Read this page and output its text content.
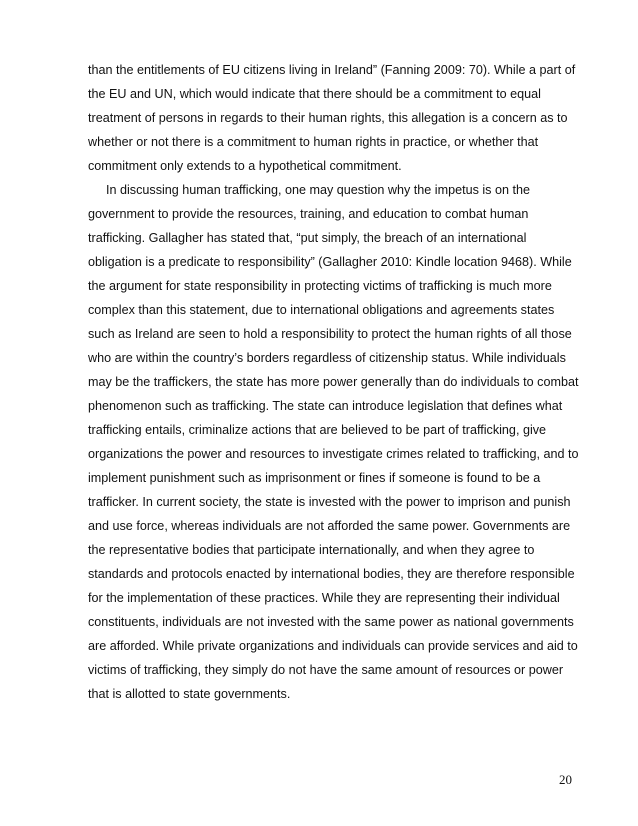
than the entitlements of EU citizens living in Ireland” (Fanning 2009: 70). While a part of
the EU and UN, which would indicate that there should be a commitment to equal
treatment of persons in regards to their human rights, this allegation is a concern as to
whether or not there is a commitment to human rights in practice, or whether that
commitment only extends to a hypothetical commitment.
In discussing human trafficking, one may question why the impetus is on the
government to provide the resources, training, and education to combat human
trafficking. Gallagher has stated that, “put simply, the breach of an international
obligation is a predicate to responsibility” (Gallagher 2010: Kindle location 9468). While
the argument for state responsibility in protecting victims of trafficking is much more
complex than this statement, due to international obligations and agreements states
such as Ireland are seen to hold a responsibility to protect the human rights of all those
who are within the country’s borders regardless of citizenship status. While individuals
may be the traffickers, the state has more power generally than do individuals to combat
phenomenon such as trafficking. The state can introduce legislation that defines what
trafficking entails, criminalize actions that are believed to be part of trafficking, give
organizations the power and resources to investigate crimes related to trafficking, and to
implement punishment such as imprisonment or fines if someone is found to be a
trafficker. In current society, the state is invested with the power to imprison and punish
and use force, whereas individuals are not afforded the same power. Governments are
the representative bodies that participate internationally, and when they agree to
standards and protocols enacted by international bodies, they are therefore responsible
for the implementation of these practices. While they are representing their individual
constituents, individuals are not invested with the same power as national governments
are afforded. While private organizations and individuals can provide services and aid to
victims of trafficking, they simply do not have the same amount of resources or power
that is allotted to state governments.
20
